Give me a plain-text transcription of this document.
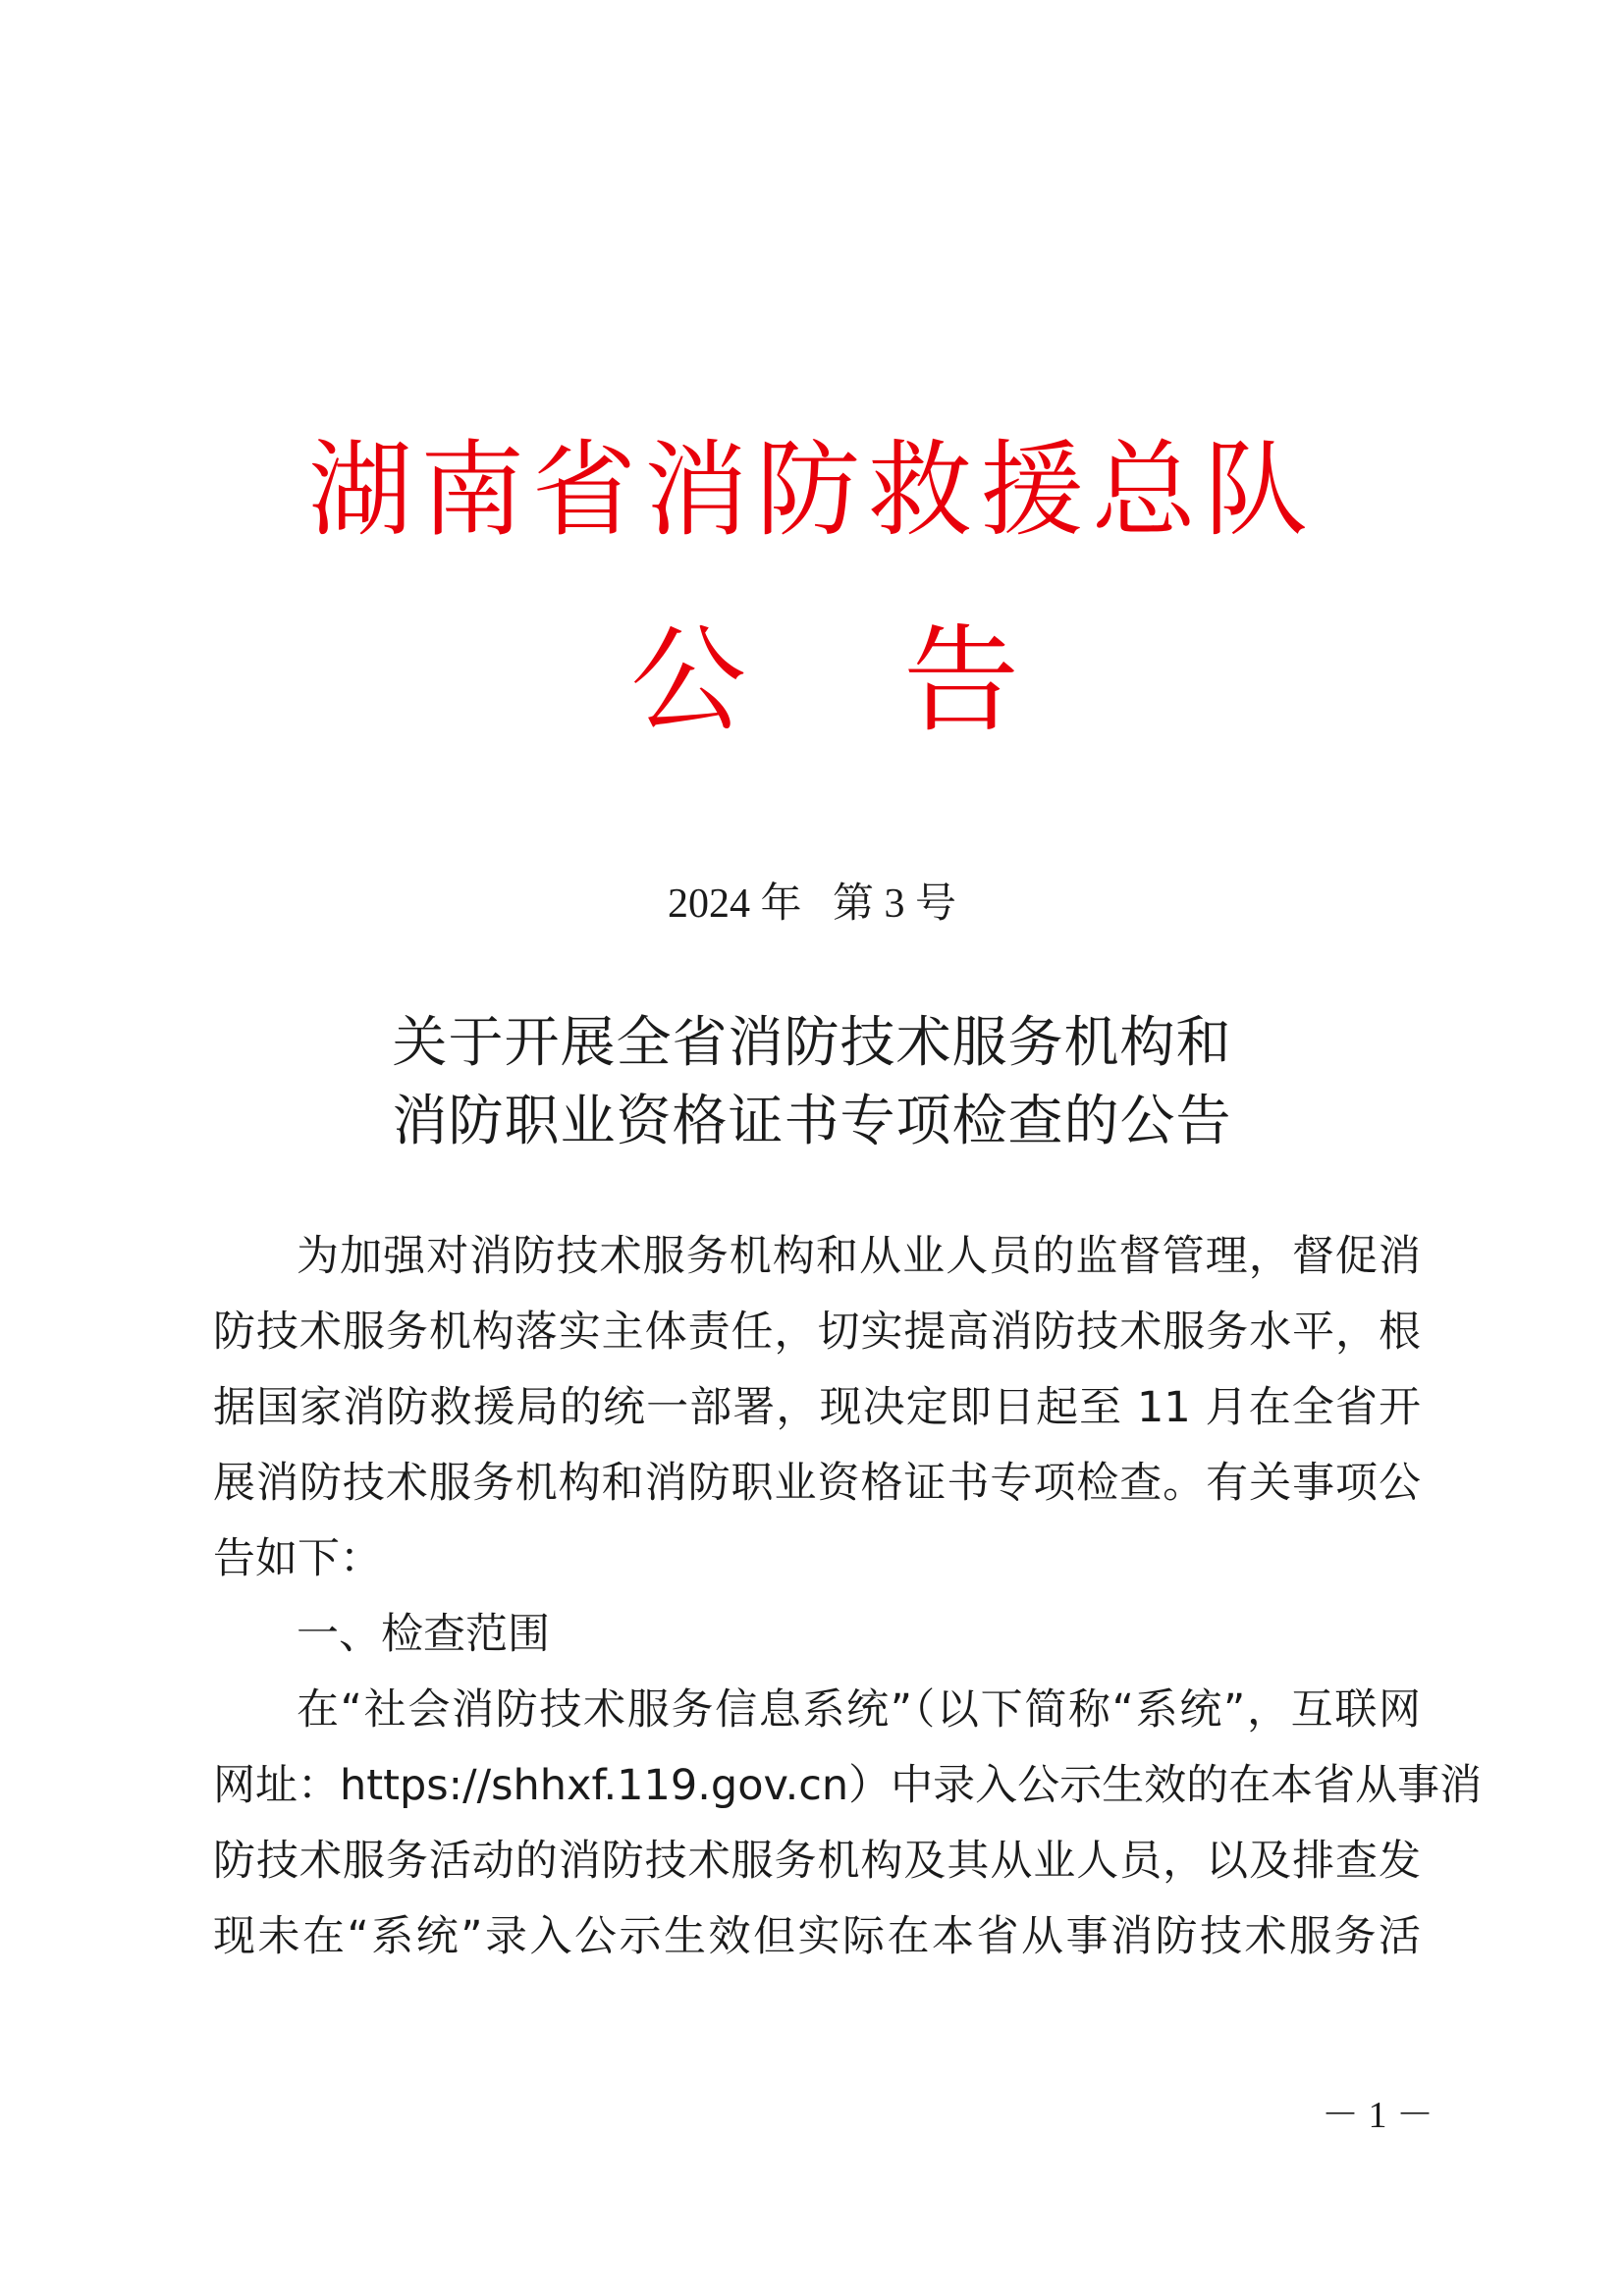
湖南省消防救援总队
公 告
2024 年   第 3 号
关于开展全省消防技术服务机构和
消防职业资格证书专项检查的公告
为加强对消防技术服务机构和从业人员的监督管理，督促消
防技术服务机构落实主体责任，切实提高消防技术服务水平，根
据国家消防救援局的统一部署，现决定即日起至 11 月在全省开
展消防技术服务机构和消防职业资格证书专项检查。有关事项公
告如下：
一、检查范围
在“社会消防技术服务信息系统”（以下简称“系统”，互联网
网址：https://shhxf.119.gov.cn）中录入公示生效的在本省从事消
防技术服务活动的消防技术服务机构及其从业人员，以及排查发
现未在“系统”录入公示生效但实际在本省从事消防技术服务活
－ 1 －
